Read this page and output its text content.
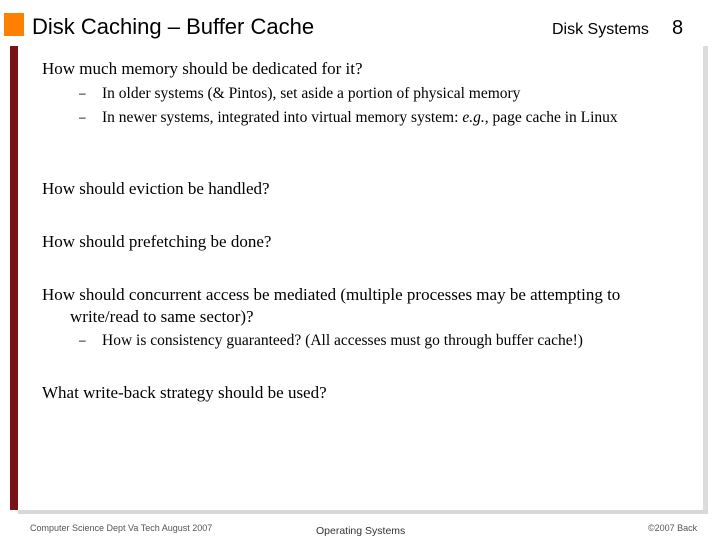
Disk Caching – Buffer Cache	Disk Systems 8
How much memory should be dedicated for it?
– In older systems (& Pintos), set aside a portion of physical memory
– In newer systems, integrated into virtual memory system: e.g., page cache in Linux
How should eviction be handled?
How should prefetching be done?
How should concurrent access be mediated (multiple processes may be attempting to write/read to same sector)?
– How is consistency guaranteed? (All accesses must go through buffer cache!)
What write-back strategy should be used?
Computer Science Dept Va Tech August 2007	Operating Systems	©2007 Back
